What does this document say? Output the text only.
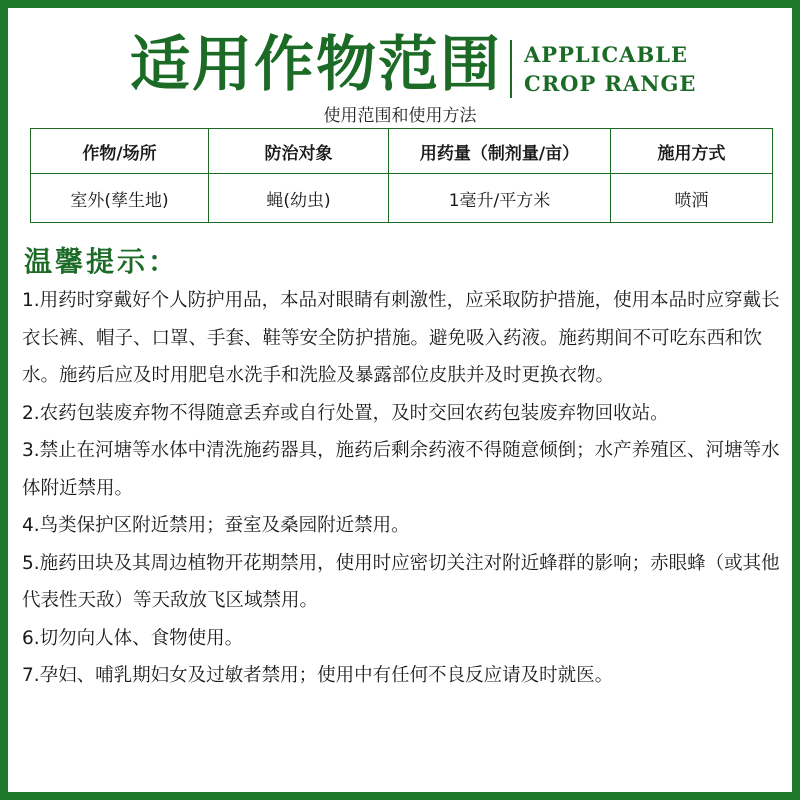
适用作物范围 APPLICABLE
CROP RANGE
使用范围和使用方法
作物/场所	防治对象	用药量（制剂量/亩）	施用方式
室外(孳生地)	蝇(幼虫)	1毫升/平方米	喷洒
温馨提示：

1.用药时穿戴好个人防护用品，本品对眼睛有刺激性，应采取防护措施，使用本品时应穿戴长衣长裤、帽子、口罩、手套、鞋等安全防护措施。避免吸入药液。施药期间不可吃东西和饮水。施药后应及时用肥皂水洗手和洗脸及暴露部位皮肤并及时更换衣物。

2.农药包装废弃物不得随意丢弃或自行处置，及时交回农药包装废弃物回收站。

3.禁止在河塘等水体中清洗施药器具，施药后剩余药液不得随意倾倒；水产养殖区、河塘等水体附近禁用。

4.鸟类保护区附近禁用；蚕室及桑园附近禁用。

5.施药田块及其周边植物开花期禁用，使用时应密切关注对附近蜂群的影响；赤眼蜂（或其他代表性天敌）等天敌放飞区域禁用。

6.切勿向人体、食物使用。

7.孕妇、哺乳期妇女及过敏者禁用；使用中有任何不良反应请及时就医。
